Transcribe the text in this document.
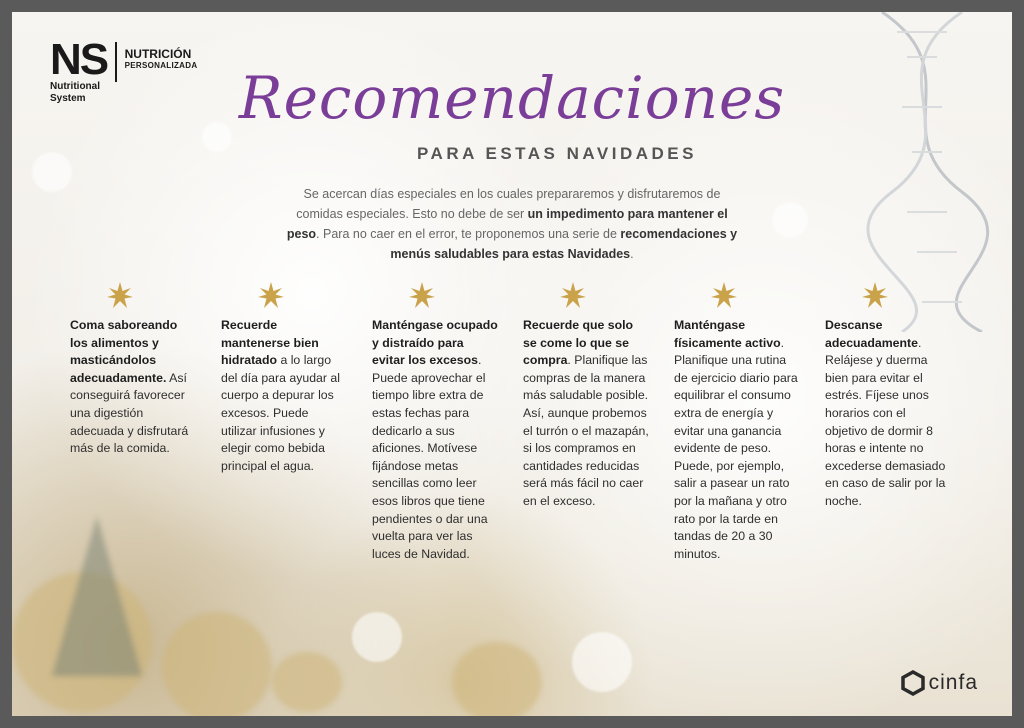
NS
Nutritional
System
NUTRICIÓN
PERSONALIZADA Recomendaciones
PARA ESTAS NAVIDADES
Se acercan días especiales en los cuales prepararemos y disfrutaremos de comidas especiales. Esto no debe de ser un impedimento para mantener el peso. Para no caer en el error, te proponemos una serie de recomendaciones y menús saludables para estas Navidades.
Coma saboreando los alimentos y masticándolos adecuadamente. Así conseguirá favorecer una digestión adecuada y disfrutará más de la comida.
Recuerde mantenerse bien hidratado a lo largo del día para ayudar al cuerpo a depurar los excesos. Puede utilizar infusiones y elegir como bebida principal el agua.
Manténgase ocupado y distraído para evitar los excesos. Puede aprovechar el tiempo libre extra de estas fechas para dedicarlo a sus aficiones. Motívese fijándose metas sencillas como leer esos libros que tiene pendientes o dar una vuelta para ver las luces de Navidad.
Recuerde que solo se come lo que se compra. Planifique las compras de la manera más saludable posible. Así, aunque probemos el turrón o el mazapán, si los compramos en cantidades reducidas será más fácil no caer en el exceso.
Manténgase físicamente activo. Planifique una rutina de ejercicio diario para equilibrar el consumo extra de energía y evitar una ganancia evidente de peso. Puede, por ejemplo, salir a pasear un rato por la mañana y otro rato por la tarde en tandas de 20 a 30 minutos.
Descanse adecuadamente. Relájese y duerma bien para evitar el estrés. Fíjese unos horarios con el objetivo de dormir 8 horas e intente no excederse demasiado en caso de salir por la noche.
cinfa
